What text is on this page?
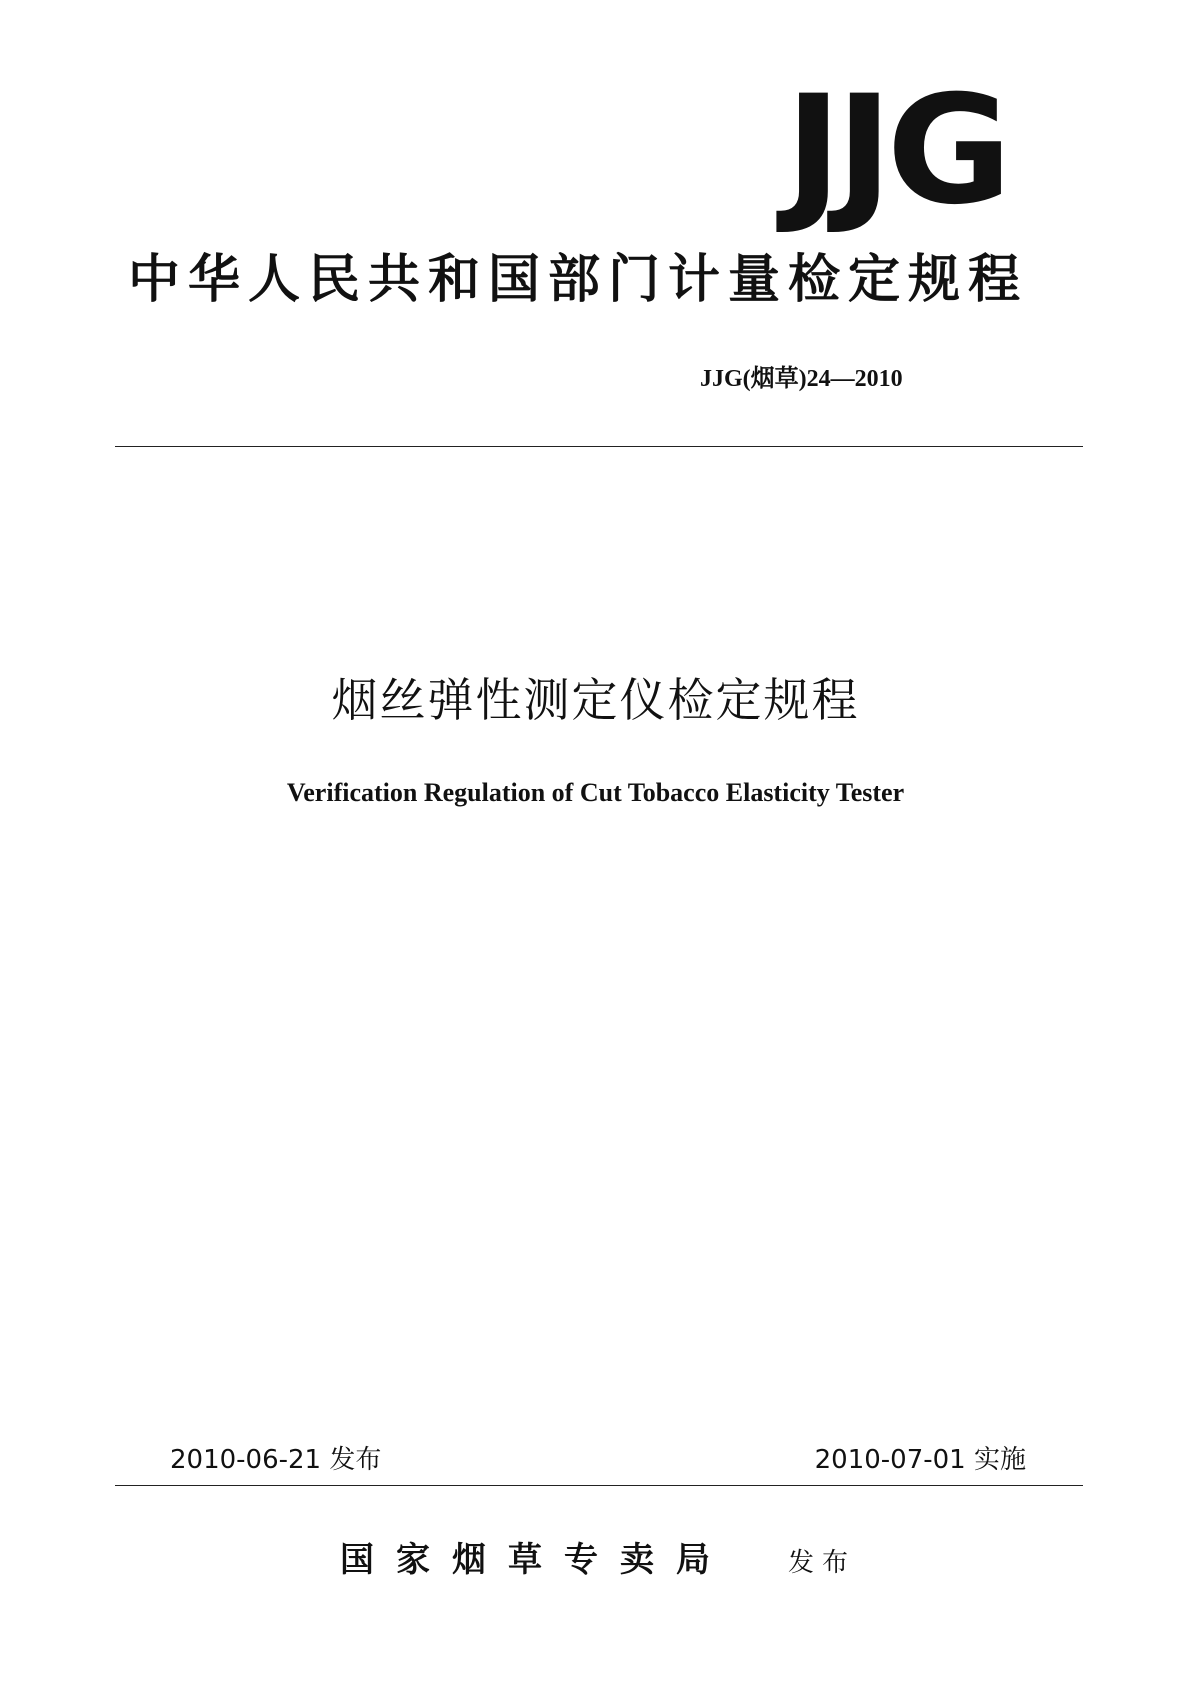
JJG
中华人民共和国部门计量检定规程
JJG(烟草)24—2010
烟丝弹性测定仪检定规程
Verification Regulation of Cut Tobacco Elasticity Tester
2010-06-21 发布	2010-07-01 实施
国家烟草专卖局 发布
